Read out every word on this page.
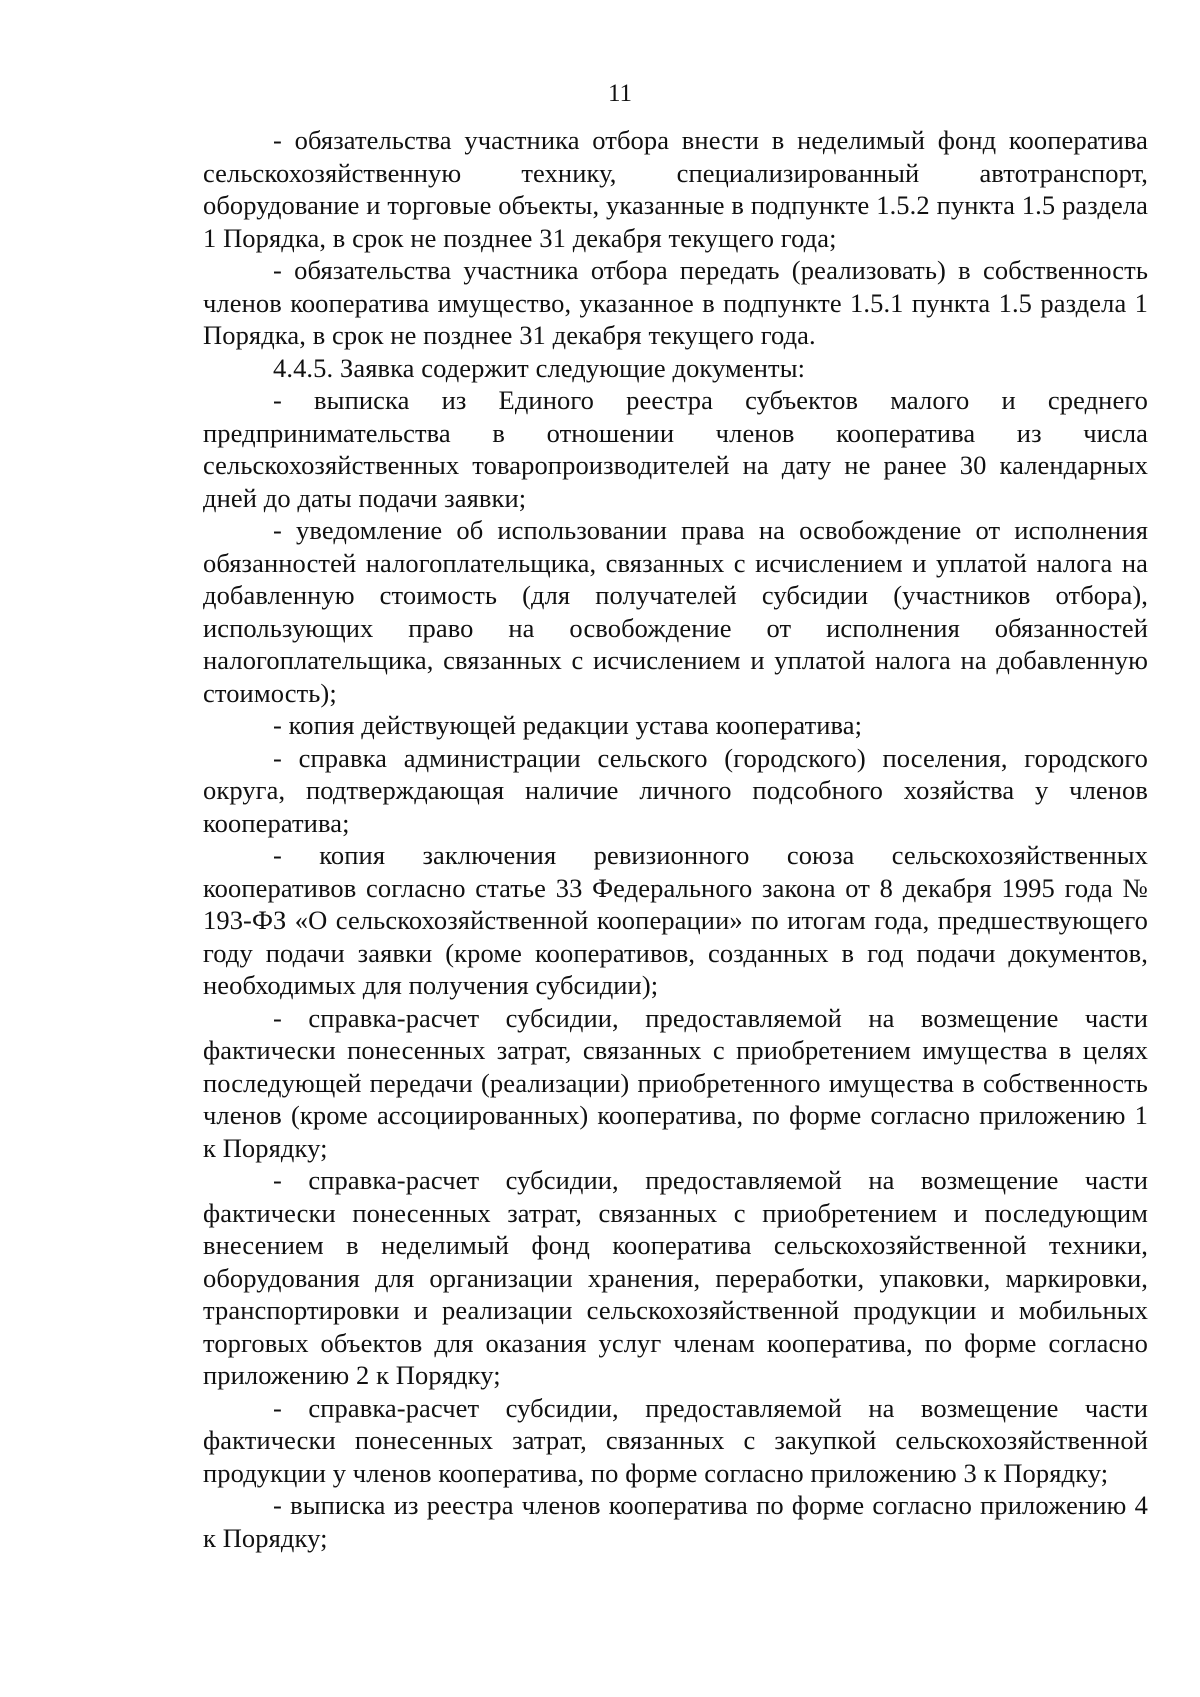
11

- обязательства участника отбора внести в неделимый фонд кооператива сельскохозяйственную технику, специализированный автотранспорт, оборудование и торговые объекты, указанные в подпункте 1.5.2 пункта 1.5 раздела 1 Порядка, в срок не позднее 31 декабря текущего года;

- обязательства участника отбора передать (реализовать) в собственность членов кооператива имущество, указанное в подпункте 1.5.1 пункта 1.5 раздела 1 Порядка, в срок не позднее 31 декабря текущего года.

4.4.5. Заявка содержит следующие документы:

- выписка из Единого реестра субъектов малого и среднего предпринимательства в отношении членов кооператива из числа сельскохозяйственных товаропроизводителей на дату не ранее 30 календарных дней до даты подачи заявки;

- уведомление об использовании права на освобождение от исполнения обязанностей налогоплательщика, связанных с исчислением и уплатой налога на добавленную стоимость (для получателей субсидии (участников отбора), использующих право на освобождение от исполнения обязанностей налогоплательщика, связанных с исчислением и уплатой налога на добавленную стоимость);

- копия действующей редакции устава кооператива;

- справка администрации сельского (городского) поселения, городского округа, подтверждающая наличие личного подсобного хозяйства у членов кооператива;

- копия заключения ревизионного союза сельскохозяйственных кооперативов согласно статье 33 Федерального закона от 8 декабря 1995 года № 193-ФЗ «О сельскохозяйственной кооперации» по итогам года, предшествующего году подачи заявки (кроме кооперативов, созданных в год подачи документов, необходимых для получения субсидии);

- справка-расчет субсидии, предоставляемой на возмещение части фактически понесенных затрат, связанных с приобретением имущества в целях последующей передачи (реализации) приобретенного имущества в собственность членов (кроме ассоциированных) кооператива, по форме согласно приложению 1 к Порядку;

- справка-расчет субсидии, предоставляемой на возмещение части фактически понесенных затрат, связанных с приобретением и последующим внесением в неделимый фонд кооператива сельскохозяйственной техники, оборудования для организации хранения, переработки, упаковки, маркировки, транспортировки и реализации сельскохозяйственной продукции и мобильных торговых объектов для оказания услуг членам кооператива, по форме согласно приложению 2 к Порядку;

- справка-расчет субсидии, предоставляемой на возмещение части фактически понесенных затрат, связанных с закупкой сельскохозяйственной продукции у членов кооператива, по форме согласно приложению 3 к Порядку;

- выписка из реестра членов кооператива по форме согласно приложению 4 к Порядку;
